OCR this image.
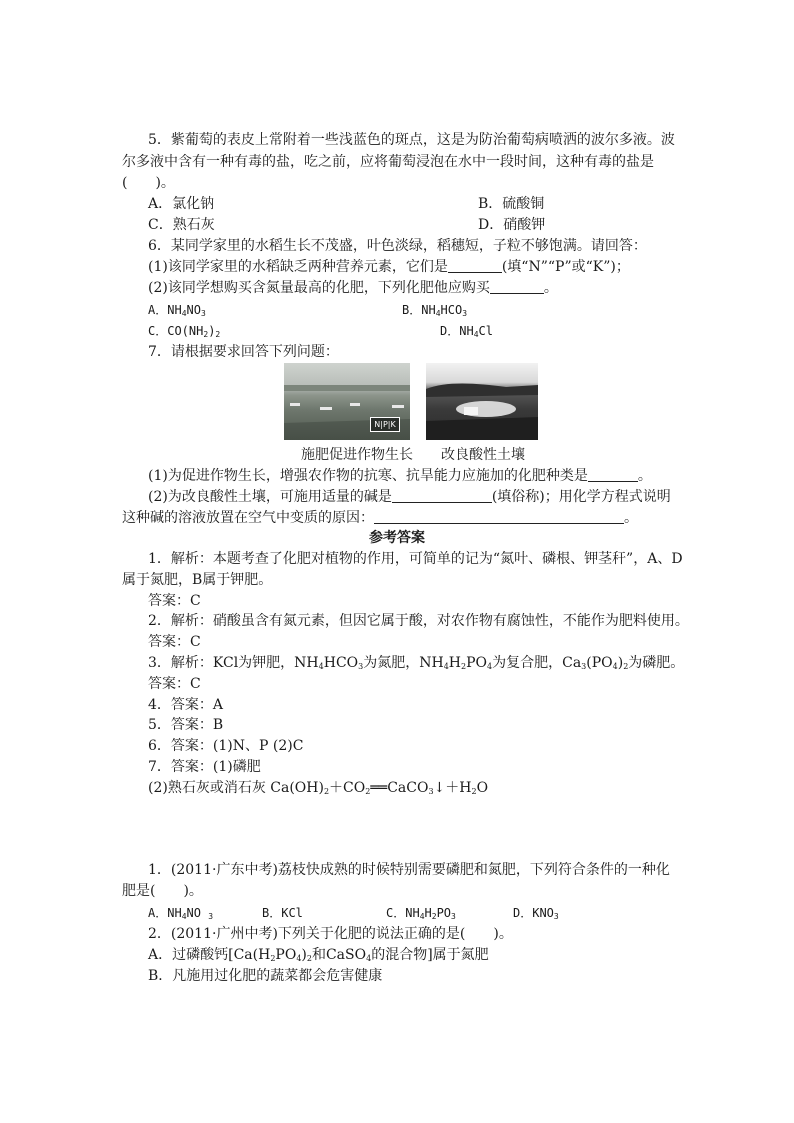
5．紫葡萄的表皮上常附着一些浅蓝色的斑点，这是为防治葡萄病喷洒的波尔多液。波
尔多液中含有一种有毒的盐，吃之前，应将葡萄浸泡在水中一段时间，这种有毒的盐是
(　　)。
A．氯化钠	B．硫酸铜
C．熟石灰	D．硝酸钾
6．某同学家里的水稻生长不茂盛，叶色淡绿，稻穗短，子粒不够饱满。请回答：
(1)该同学家里的水稻缺乏两种营养元素，它们是	(填“N”“P”或“K”)；
(2)该同学想购买含氮量最高的化肥，下列化肥他应购买	。
A．$NH_4NO_3$	B．$NH_4HCO_3$
C．$CO(NH_2)_2$	D．$NH_4Cl$
7．请根据要求回答下列问题：
N|P|K
施肥促进作物生长 改良酸性土壤
(1)为促进作物生长，增强农作物的抗寒、抗旱能力应施加的化肥种类是	。
(2)为改良酸性土壤，可施用适量的碱是	(填俗称)；用化学方程式说明
这种碱的溶液放置在空气中变质的原因：	。
参考答案
1．解析：本题考查了化肥对植物的作用，可简单的记为“氮叶、磷根、钾茎秆”，A、D
属于氮肥，B属于钾肥。
答案：C
2．解析：硝酸虽含有氮元素，但因它属于酸，对农作物有腐蚀性，不能作为肥料使用。
答案：C
3．解析：KCl为钾肥，$NH_4HCO_3$为氮肥，$NH_4H_2PO_4$为复合肥，$Ca_3(PO_4)_2$为磷肥。
答案：C
4．答案：A
5．答案：B
6．答案：(1)N、P (2)C
7．答案：(1)磷肥
(2)熟石灰或消石灰 $Ca(OH)_2+CO_2══CaCO_3↓+H_2O$
1．(2011·广东中考)荔枝快成熟的时候特别需要磷肥和氮肥，下列符合条件的一种化
肥是(　　)。
A．$NH_4NO$ $_3$	B．KCl	C．$NH_4H_2PO_3$	D．$KNO_3$
2．(2011·广州中考)下列关于化肥的说法正确的是(　　)。
A．过磷酸钙[$Ca(H_2PO_4)_2$和CaSO$_4$的混合物]属于氮肥
B．凡施用过化肥的蔬菜都会危害健康
